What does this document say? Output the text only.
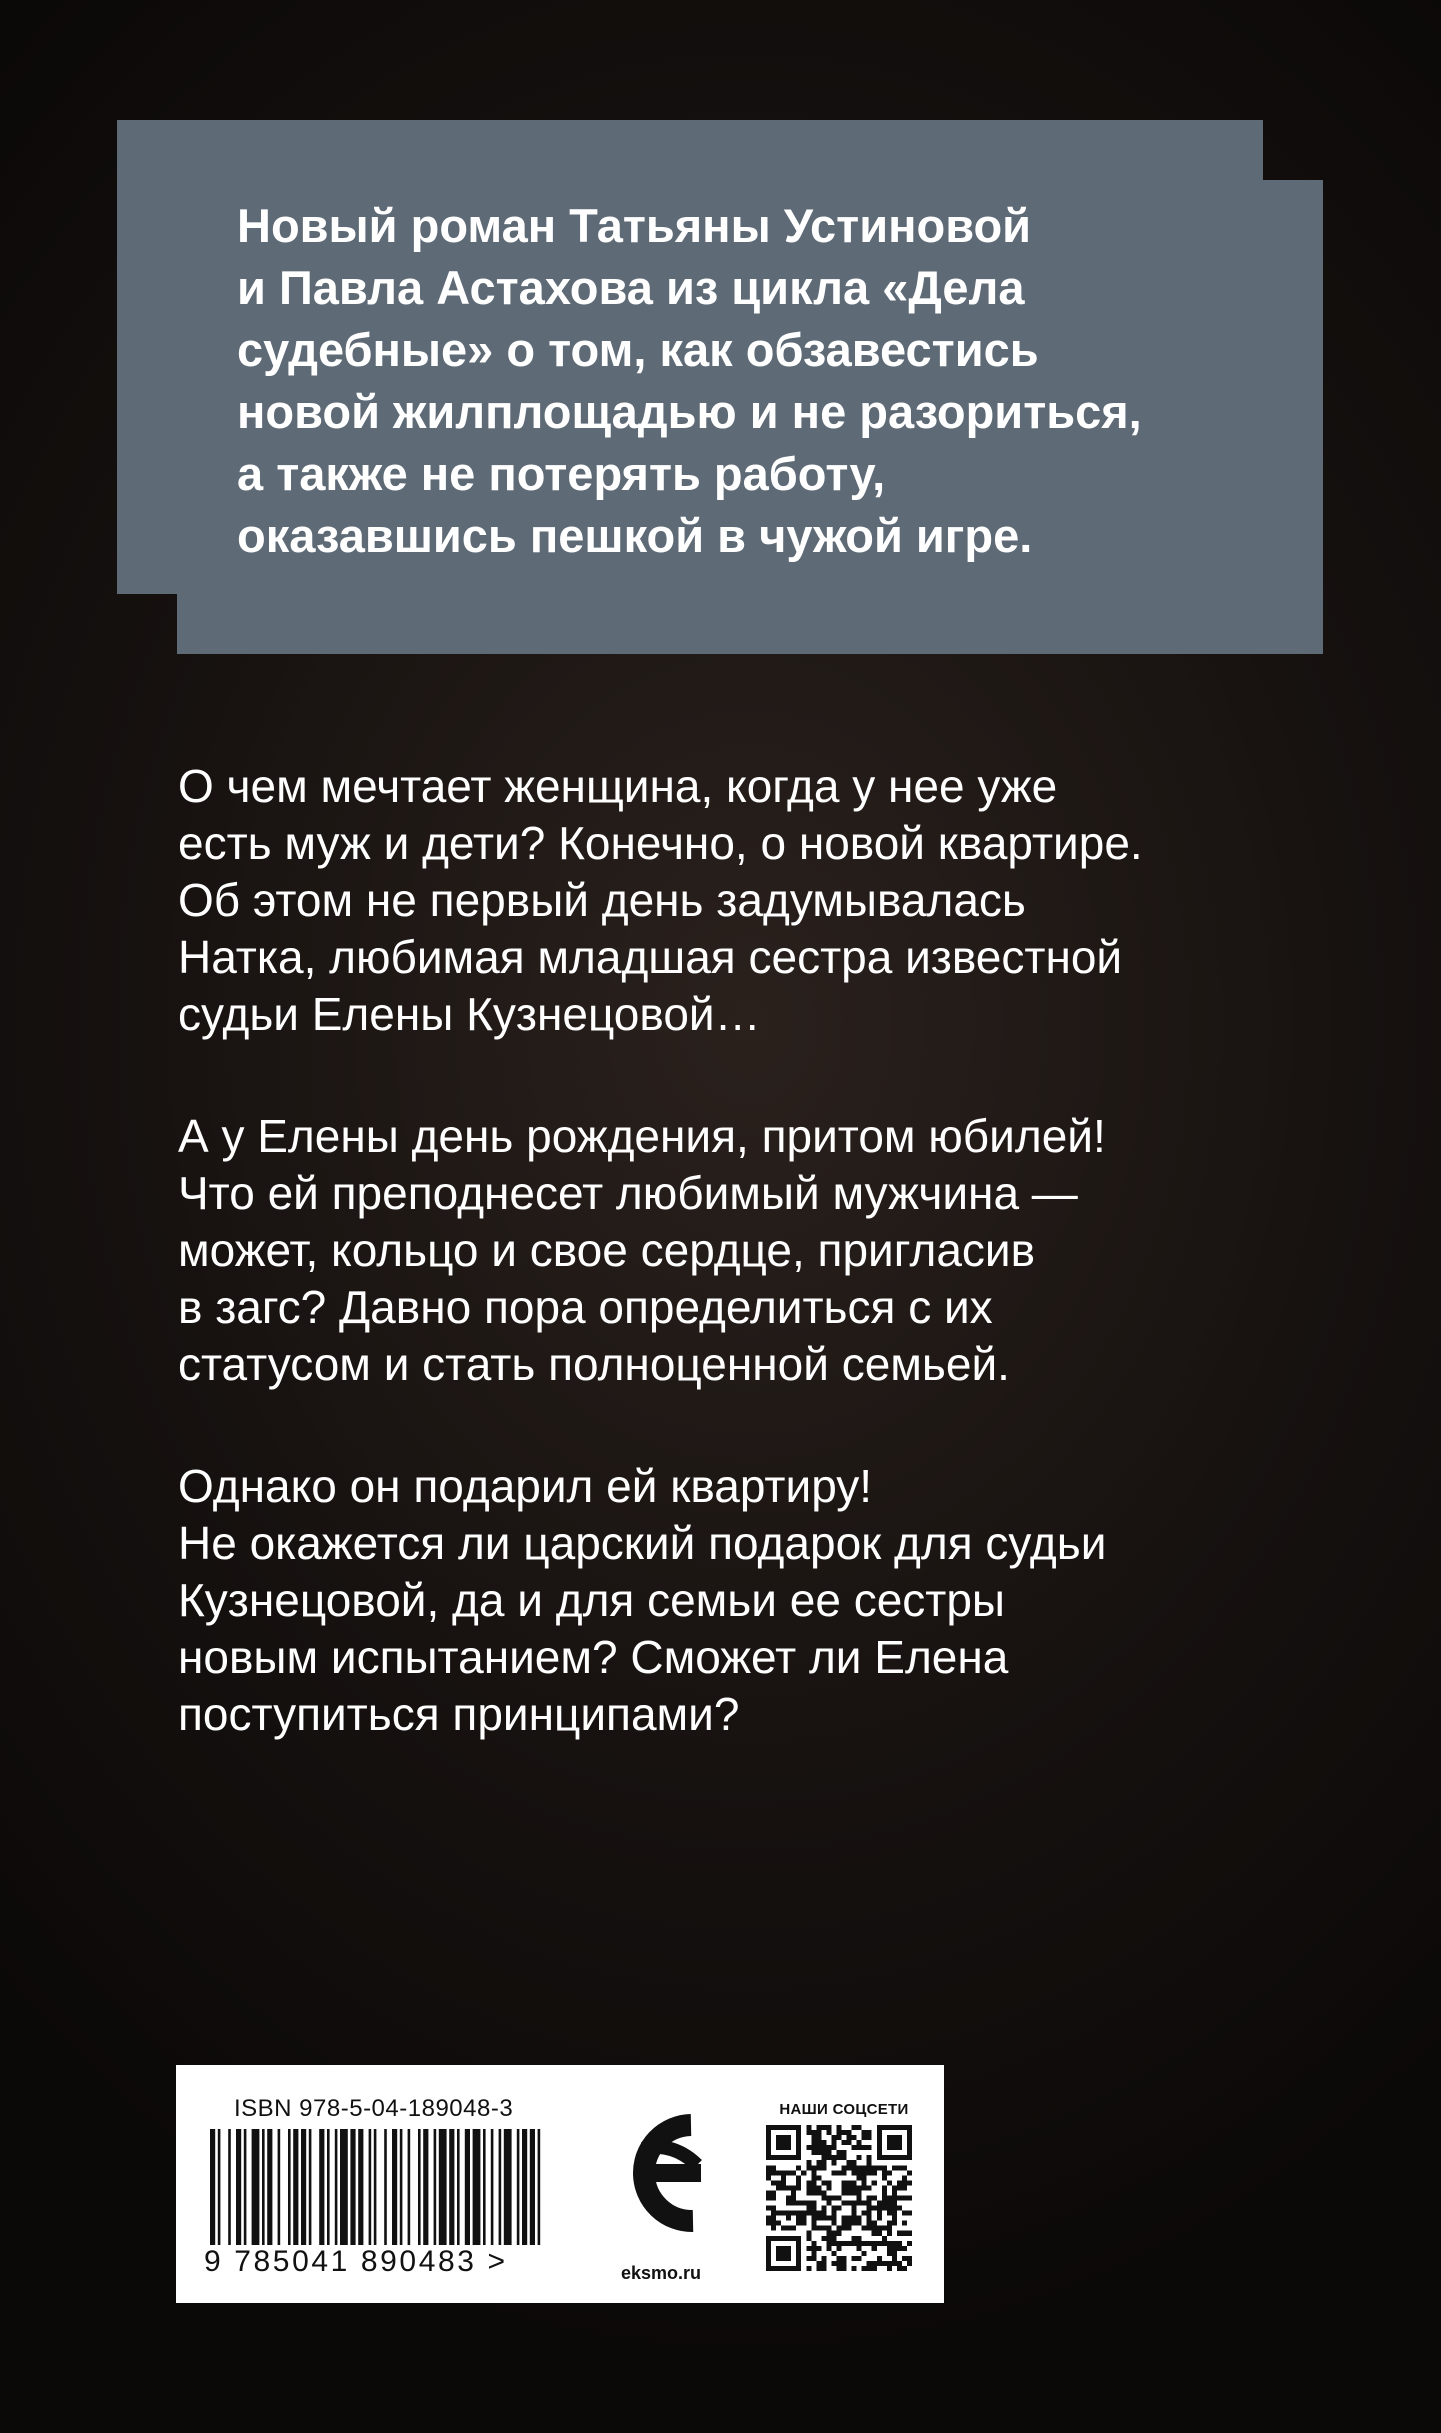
Новый роман Татьяны Устиновой
и Павла Астахова из цикла «Дела
судебные» о том, как обзавестись
новой жилплощадью и не разориться,
а также не потерять работу,
оказавшись пешкой в чужой игре.
О чем мечтает женщина, когда у нее уже
есть муж и дети? Конечно, о новой квартире.
Об этом не первый день задумывалась
Натка, любимая младшая сестра известной
судьи Елены Кузнецовой…
А у Елены день рождения, притом юбилей!
Что ей преподнесет любимый мужчина —
может, кольцо и свое сердце, пригласив
в загс? Давно пора определиться с их
статусом и стать полноценной семьей.
Однако он подарил ей квартиру!
Не окажется ли царский подарок для судьи
Кузнецовой, да и для семьи ее сестры
новым испытанием? Сможет ли Елена
поступиться принципами?
ISBN 978-5-04-189048-3
9 785041 890483 >	eksmo.ru
НАШИ СОЦСЕТИ
